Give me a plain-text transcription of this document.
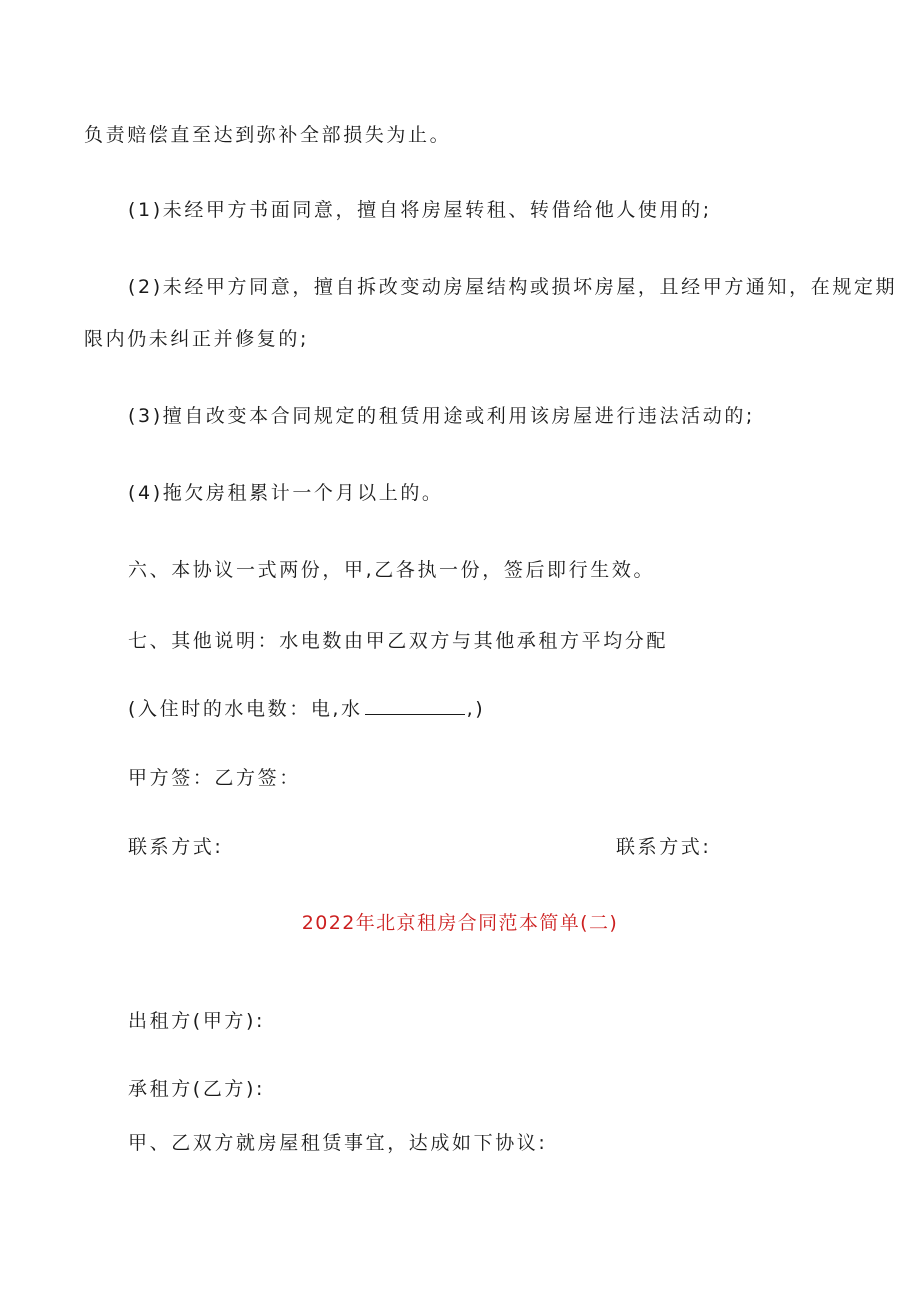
负责赔偿直至达到弥补全部损失为止。
(1)未经甲方书面同意，擅自将房屋转租、转借给他人使用的;
(2)未经甲方同意，擅自拆改变动房屋结构或损坏房屋，且经甲方通知，在规定期
限内仍未纠正并修复的;
(3)擅自改变本合同规定的租赁用途或利用该房屋进行违法活动的;
(4)拖欠房租累计一个月以上的。
六、本协议一式两份，甲,乙各执一份，签后即行生效。
七、其他说明：水电数由甲乙双方与其他承租方平均分配
(入住时的水电数：电,水	,)
甲方签：乙方签：
联系方式:	联系方式:
2022年北京租房合同范本简单(二)
出租方(甲方):
承租方(乙方):
甲、乙双方就房屋租赁事宜，达成如下协议:
